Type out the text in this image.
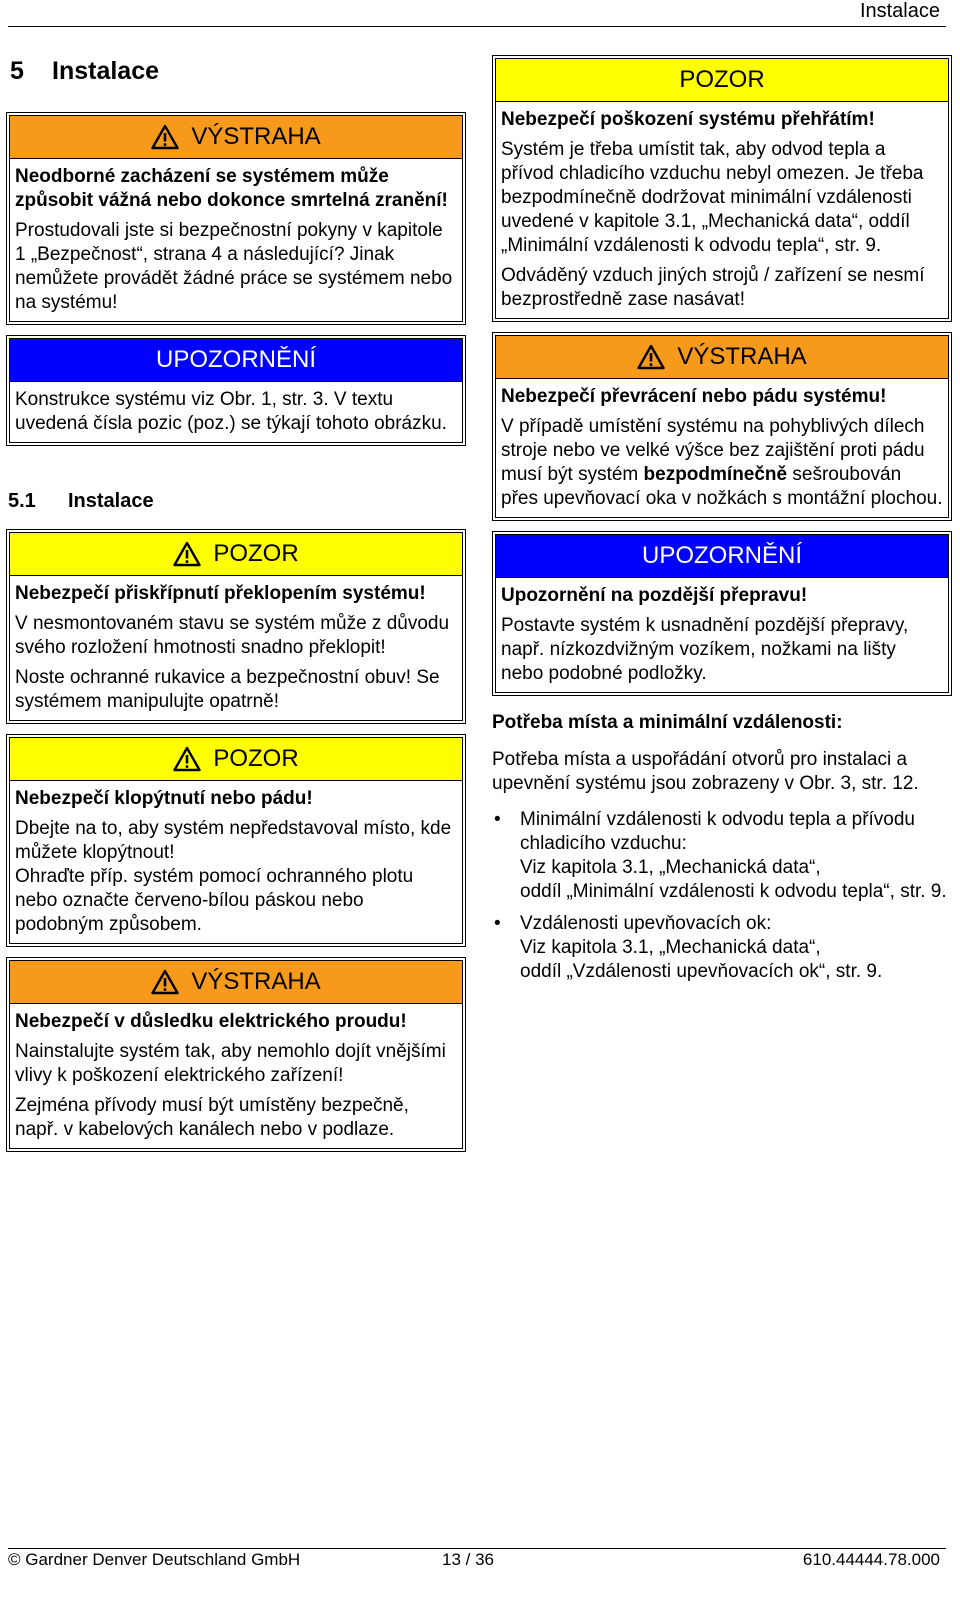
Instalace
5	Instalace
VÝSTRAHA

Neodborné zacházení se systémem může způsobit vážná nebo dokonce smrtelná zranění!

Prostudovali jste si bezpečnostní pokyny v kapitole 1 „Bezpečnost“, strana 4 a následující? Jinak nemůžete provádět žádné práce se systémem nebo na systému!

UPOZORNĚNÍ

Konstrukce systému viz Obr. 1, str. 3. V textu uvedená čísla pozic (poz.) se týkají tohoto obrázku.

5.1	Instalace
POZOR

Nebezpečí přiskřípnutí překlopením systému!

V nesmontovaném stavu se systém může z důvodu svého rozložení hmotnosti snadno překlopit!

Noste ochranné rukavice a bezpečnostní obuv! Se systémem manipulujte opatrně!

POZOR

Nebezpečí klopýtnutí nebo pádu!

Dbejte na to, aby systém nepředstavoval místo, kde můžete klopýtnout!

Ohraďte příp. systém pomocí ochranného plotu nebo označte červeno-bílou páskou nebo podobným způsobem.

VÝSTRAHA

Nebezpečí v důsledku elektrického proudu!

Nainstalujte systém tak, aby nemohlo dojít vnějšími vlivy k poškození elektrického zařízení!

Zejména přívody musí být umístěny bezpečně, např. v kabelových kanálech nebo v podlaze.

POZOR

Nebezpečí poškození systému přehřátím!

Systém je třeba umístit tak, aby odvod tepla a přívod chladicího vzduchu nebyl omezen. Je třeba bezpodmínečně dodržovat minimální vzdálenosti uvedené v kapitole 3.1, „Mechanická data“, oddíl „Minimální vzdálenosti k odvodu tepla“, str. 9.

Odváděný vzduch jiných strojů / zařízení se nesmí bezprostředně zase nasávat!

VÝSTRAHA

Nebezpečí převrácení nebo pádu systému!

V případě umístění systému na pohyblivých dílech stroje nebo ve velké výšce bez zajištění proti pádu musí být systém bezpodmínečně sešroubován přes upevňovací oka v nožkách s montážní plochou.

UPOZORNĚNÍ

Upozornění na pozdější přepravu!

Postavte systém k usnadnění pozdější přepravy, např. nízkozdvižným vozíkem, nožkami na lišty nebo podobné podložky.

Potřeba místa a minimální vzdálenosti:

Potřeba místa a uspořádání otvorů pro instalaci a upevnění systému jsou zobrazeny v Obr. 3, str. 12.

• Minimální vzdálenosti k odvodu tepla a přívodu chladicího vzduchu:
Viz kapitola 3.1, „Mechanická data“,
oddíl „Minimální vzdálenosti k odvodu tepla“, str. 9.
• Vzdálenosti upevňovacích ok:
Viz kapitola 3.1, „Mechanická data“,
oddíl „Vzdálenosti upevňovacích ok“, str. 9.
© Gardner Denver Deutschland GmbH	13 / 36	610.44444.78.000
